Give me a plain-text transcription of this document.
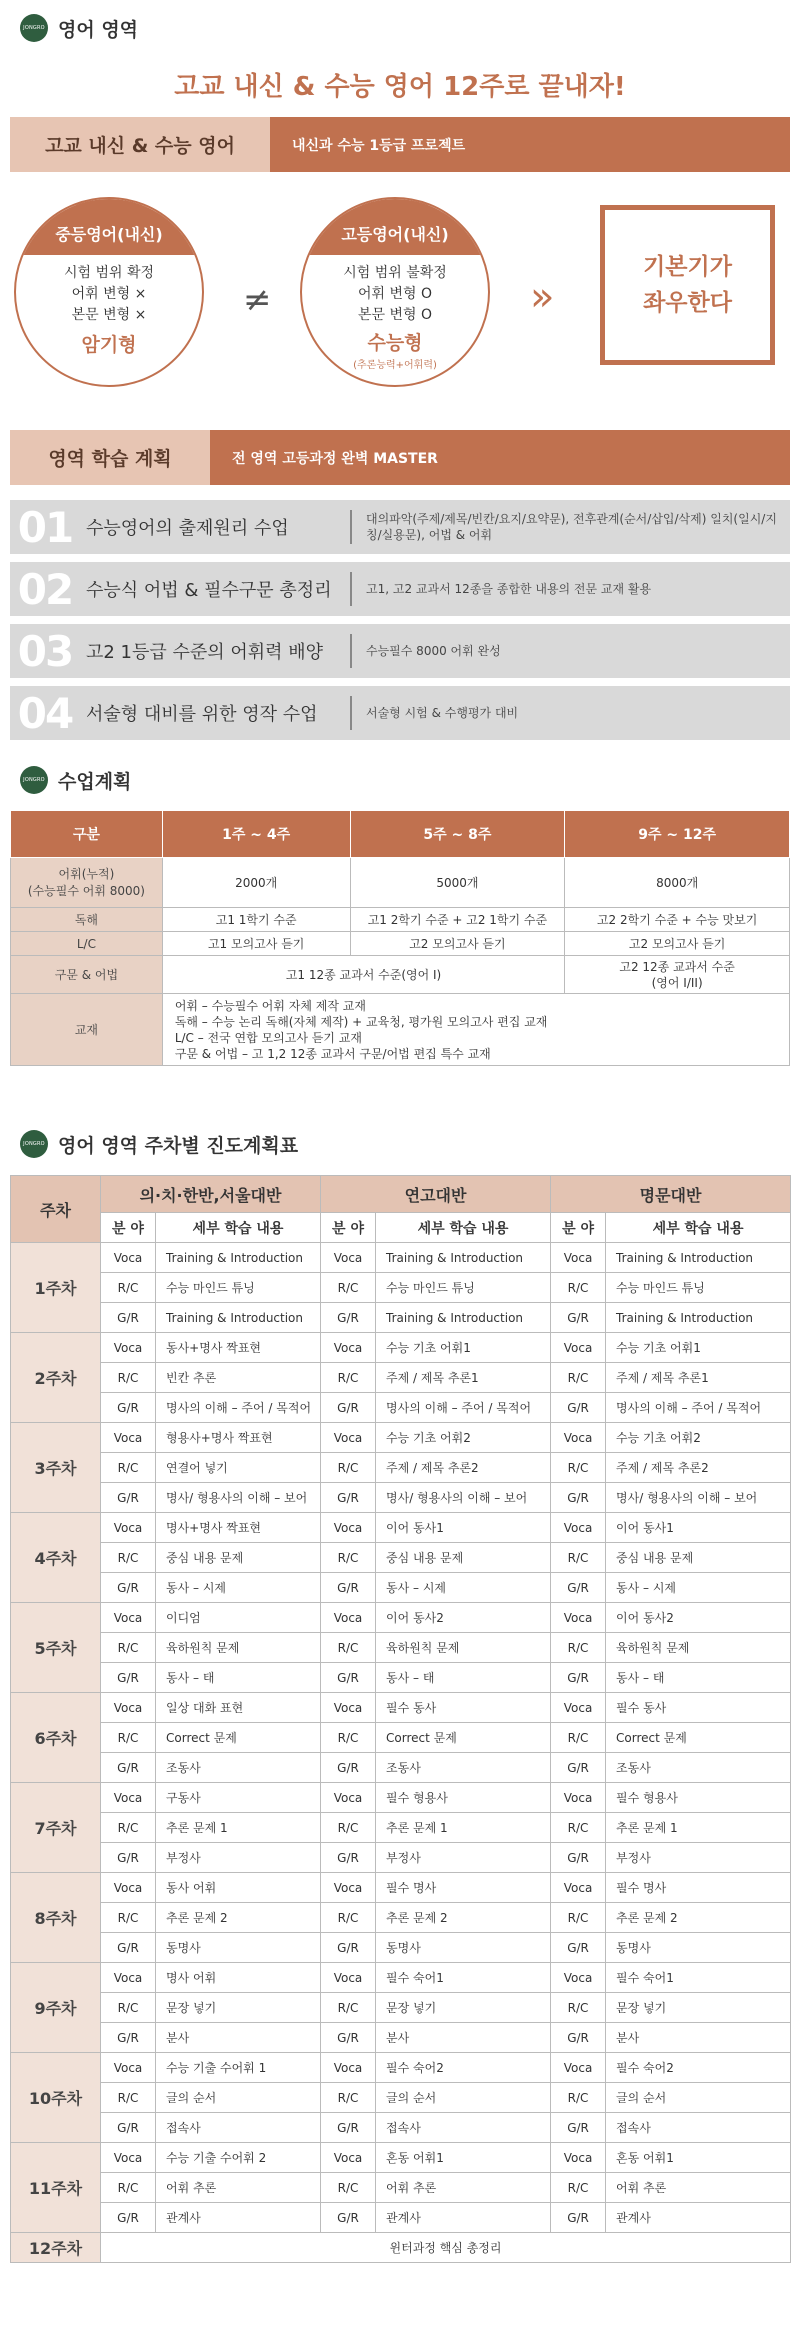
JONGRO 영어 영역
고교 내신 & 수능 영어 12주로 끝내자!
고교 내신 & 수능 영어	내신과 수능 1등급 프로젝트
중등영어(내신)
시험 범위 확정
어휘 변형 ×
본문 변형 ×
암기형
≠
고등영어(내신)
시험 범위 불확정
어휘 변형 O
본문 변형 O
수능형
(추론능력+어휘력)
»
기본기가
좌우한다
영역 학습 계획	전 영역 고등과정 완벽 MASTER
01 수능영어의 출제원리 수업	대의파악(주제/제목/빈칸/요지/요약문), 전후관계(순서/삽입/삭제) 일치(일시/지칭/실용문), 어법 & 어휘
02 수능식 어법 & 필수구문 총정리	고1, 고2 교과서 12종을 종합한 내용의 전문 교재 활용
03 고2 1등급 수준의 어휘력 배양	수능필수 8000 어휘 완성
04 서술형 대비를 위한 영작 수업	서술형 시험 & 수행평가 대비
JONGRO 수업계획
구분	1주 ~ 4주	5주 ~ 8주	9주 ~ 12주

어휘(누적)
(수능필수 어휘 8000)	2000개	5000개	8000개
독해	고1 1학기 수준	고1 2학기 수준 + 고2 1학기 수준	고2 2학기 수준 + 수능 맛보기
L/C	고1 모의고사 듣기	고2 모의고사 듣기	고2 모의고사 듣기
구문 & 어법	고1 12종 교과서 수준(영어 I)		고2 12종 교과서 수준
(영어 I/II)

교재	어휘 – 수능필수 어휘 자체 제작 교재
독해 – 수능 논리 독해(자체 제작) + 교육청, 평가원 모의고사 편집 교재
L/C – 전국 연합 모의고사 듣기 교재
구문 & 어법 – 고 1,2 12종 교과서 구문/어법 편집 특수 교재		
JONGRO 영어 영역 주차별 진도계획표
주차	의·치·한반,서울대반		연고대반		명문대반	
	분 야	세부 학습 내용	분 야	세부 학습 내용	분 야	세부 학습 내용
1주차	Voca	Training & Introduction	Voca	Training & Introduction	Voca	Training & Introduction
	R/C	수능 마인드 튜닝	R/C	수능 마인드 튜닝	R/C	수능 마인드 튜닝
	G/R	Training & Introduction	G/R	Training & Introduction	G/R	Training & Introduction
2주차	Voca	동사+명사 짝표현	Voca	수능 기초 어휘1	Voca	수능 기초 어휘1
	R/C	빈칸 추론	R/C	주제 / 제목 추론1	R/C	주제 / 제목 추론1
	G/R	명사의 이해 – 주어 / 목적어	G/R	명사의 이해 – 주어 / 목적어	G/R	명사의 이해 – 주어 / 목적어
3주차	Voca	형용사+명사 짝표현	Voca	수능 기초 어휘2	Voca	수능 기초 어휘2
	R/C	연결어 넣기	R/C	주제 / 제목 추론2	R/C	주제 / 제목 추론2
	G/R	명사/ 형용사의 이해 – 보어	G/R	명사/ 형용사의 이해 – 보어	G/R	명사/ 형용사의 이해 – 보어
4주차	Voca	명사+명사 짝표현	Voca	이어 동사1	Voca	이어 동사1
	R/C	중심 내용 문제	R/C	중심 내용 문제	R/C	중심 내용 문제
	G/R	동사 – 시제	G/R	동사 – 시제	G/R	동사 – 시제
5주차	Voca	이디엄	Voca	이어 동사2	Voca	이어 동사2
	R/C	육하원칙 문제	R/C	육하원칙 문제	R/C	육하원칙 문제
	G/R	동사 – 태	G/R	동사 – 태	G/R	동사 – 태
6주차	Voca	일상 대화 표현	Voca	필수 동사	Voca	필수 동사
	R/C	Correct 문제	R/C	Correct 문제	R/C	Correct 문제
	G/R	조동사	G/R	조동사	G/R	조동사
7주차	Voca	구동사	Voca	필수 형용사	Voca	필수 형용사
	R/C	추론 문제 1	R/C	추론 문제 1	R/C	추론 문제 1
	G/R	부정사	G/R	부정사	G/R	부정사
8주차	Voca	동사 어휘	Voca	필수 명사	Voca	필수 명사
	R/C	추론 문제 2	R/C	추론 문제 2	R/C	추론 문제 2
	G/R	동명사	G/R	동명사	G/R	동명사
9주차	Voca	명사 어휘	Voca	필수 숙어1	Voca	필수 숙어1
	R/C	문장 넣기	R/C	문장 넣기	R/C	문장 넣기
	G/R	분사	G/R	분사	G/R	분사
10주차	Voca	수능 기출 수어휘 1	Voca	필수 숙어2	Voca	필수 숙어2
	R/C	글의 순서	R/C	글의 순서	R/C	글의 순서
	G/R	접속사	G/R	접속사	G/R	접속사
11주차	Voca	수능 기출 수어휘 2	Voca	혼동 어휘1	Voca	혼동 어휘1
	R/C	어휘 추론	R/C	어휘 추론	R/C	어휘 추론
	G/R	관계사	G/R	관계사	G/R	관계사
12주차	윈터과정 핵심 총정리					
